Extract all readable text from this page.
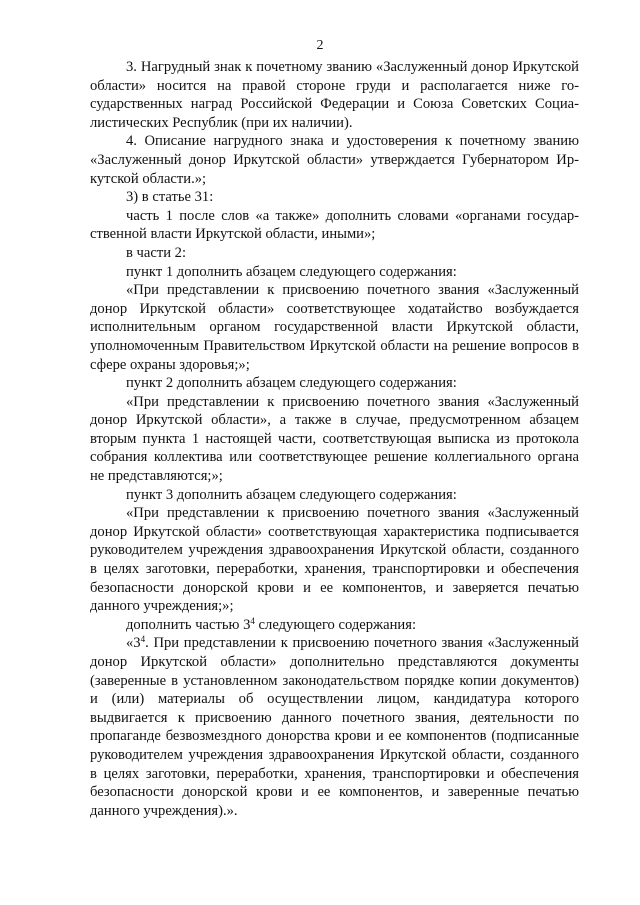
2

3. Нагрудный знак к почетному званию «Заслуженный донор Иркутской области» носится на правой стороне груди и располагается ниже государственных наград Российской Федерации и Союза Советских Социалистических Республик (при их наличии).

4. Описание нагрудного знака и удостоверения к почетному званию «Заслуженный донор Иркутской области» утверждается Губернатором Иркутской области.»;

3) в статье 31:

часть 1 после слов «а также» дополнить словами «органами государственной власти Иркутской области, иными»;

в части 2:

пункт 1 дополнить абзацем следующего содержания:

«При представлении к присвоению почетного звания «Заслуженный донор Иркутской области» соответствующее ходатайство возбуждается исполнительным органом государственной власти Иркутской области, уполномоченным Правительством Иркутской области на решение вопросов в сфере охраны здоровья;»;

пункт 2 дополнить абзацем следующего содержания:

«При представлении к присвоению почетного звания «Заслуженный донор Иркутской области», а также в случае, предусмотренном абзацем вторым пункта 1 настоящей части, соответствующая выписка из протокола собрания коллектива или соответствующее решение коллегиального органа не представляются;»;

пункт 3 дополнить абзацем следующего содержания:

«При представлении к присвоению почетного звания «Заслуженный донор Иркутской области» соответствующая характеристика подписывается руководителем учреждения здравоохранения Иркутской области, созданного в целях заготовки, переработки, хранения, транспортировки и обеспечения безопасности донорской крови и ее компонентов, и заверяется печатью данного учреждения;»;

дополнить частью $3^4$ следующего содержания:

«$3^4$. При представлении к присвоению почетного звания «Заслуженный донор Иркутской области» дополнительно представляются документы (заверенные в установленном законодательством порядке копии документов) и (или) материалы об осуществлении лицом, кандидатура которого выдвигается к присвоению данного почетного звания, деятельности по пропаганде безвозмездного донорства крови и ее компонентов (подписанные руководителем учреждения здравоохранения Иркутской области, созданного в целях заготовки, переработки, хранения, транспортировки и обеспечения безопасности донорской крови и ее компонентов, и заверенные печатью данного учреждения).».
